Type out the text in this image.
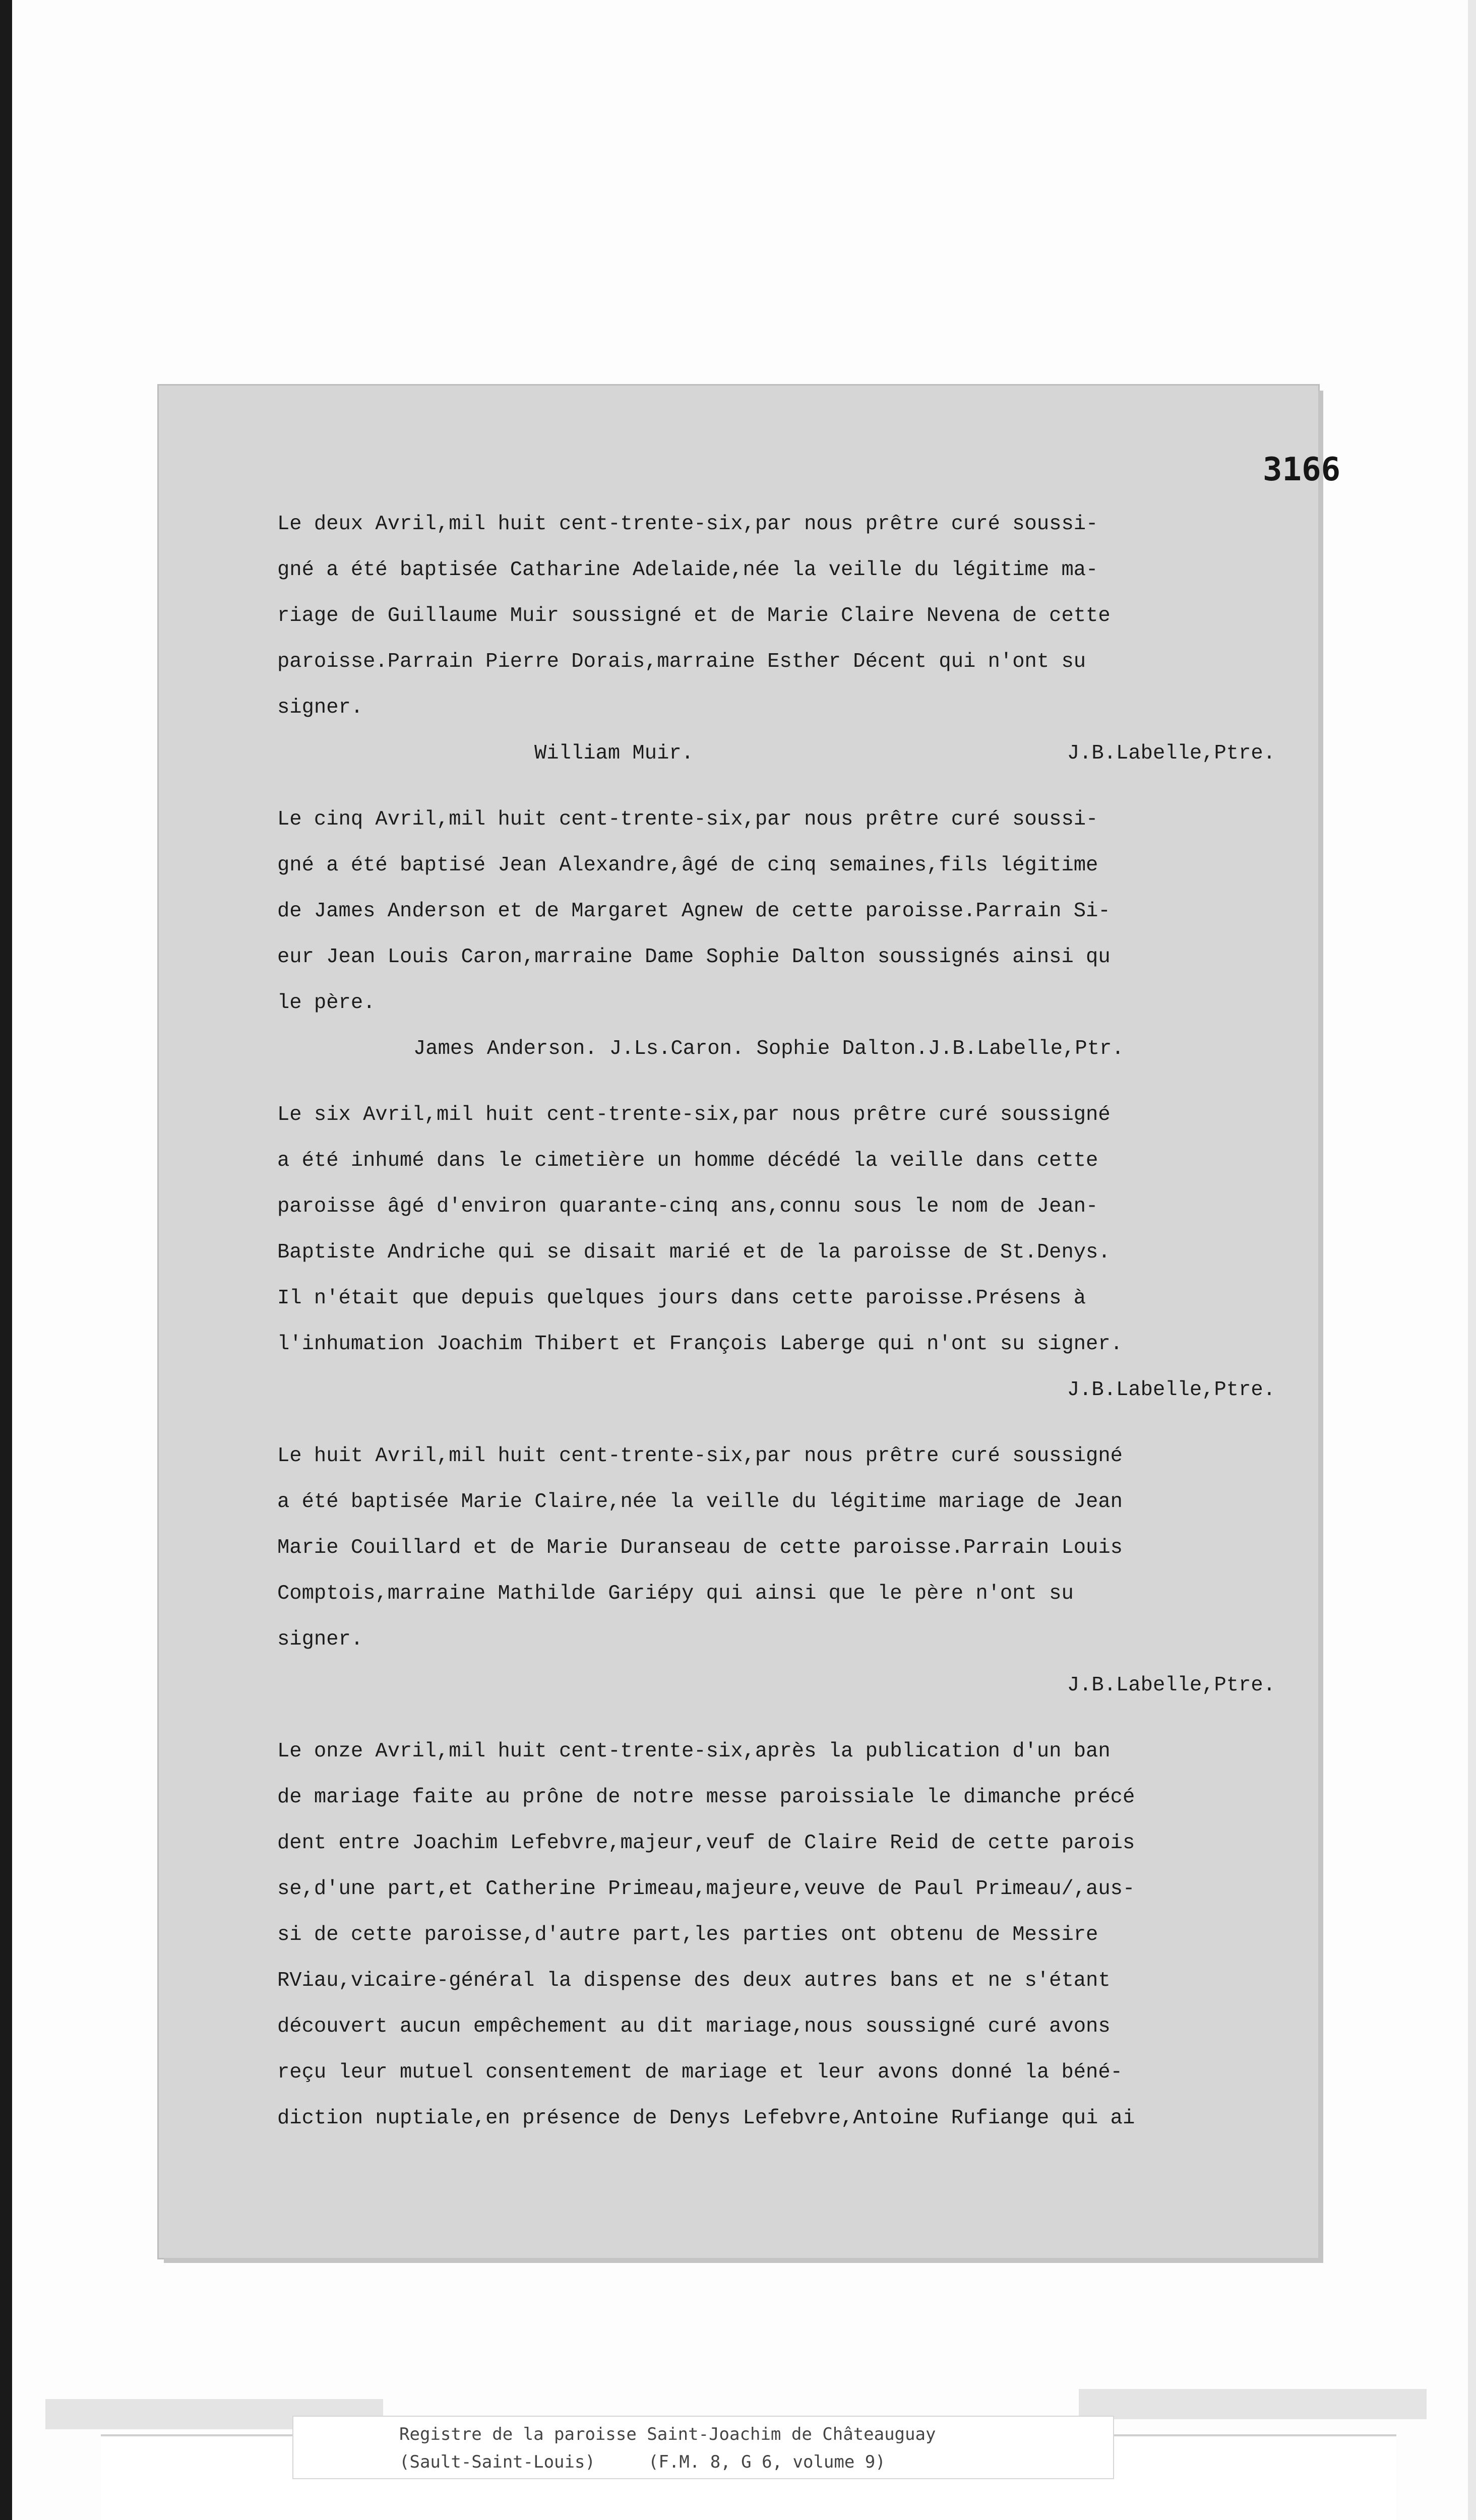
3166

Le deux Avril,mil huit cent-trente-six,par nous prêtre curé soussi-

gné a été baptisée Catharine Adelaide,née la veille du légitime ma-

riage de Guillaume Muir soussigné et de Marie Claire Nevena de cette

paroisse.Parrain Pierre Dorais,marraine Esther Décent qui n'ont su

signer.

William Muir.	J.B.Labelle,Ptre.

Le cinq Avril,mil huit cent-trente-six,par nous prêtre curé soussi-

gné a été baptisé Jean Alexandre,âgé de cinq semaines,fils légitime

de James Anderson et de Margaret Agnew de cette paroisse.Parrain Si-

eur Jean Louis Caron,marraine Dame Sophie Dalton soussignés ainsi qu

le père.

James Anderson. J.Ls.Caron. Sophie Dalton.J.B.Labelle,Ptr.

Le six Avril,mil huit cent-trente-six,par nous prêtre curé soussigné

a été inhumé dans le cimetière un homme décédé la veille dans cette

paroisse âgé d'environ quarante-cinq ans,connu sous le nom de Jean-

Baptiste Andriche qui se disait marié et de la paroisse de St.Denys.

Il n'était que depuis quelques jours dans cette paroisse.Présens à

l'inhumation Joachim Thibert et François Laberge qui n'ont su signer.

J.B.Labelle,Ptre.

Le huit Avril,mil huit cent-trente-six,par nous prêtre curé soussigné

a été baptisée Marie Claire,née la veille du légitime mariage de Jean

Marie Couillard et de Marie Duranseau de cette paroisse.Parrain Louis

Comptois,marraine Mathilde Gariépy qui ainsi que le père n'ont su

signer.

J.B.Labelle,Ptre.

Le onze Avril,mil huit cent-trente-six,après la publication d'un ban

de mariage faite au prône de notre messe paroissiale le dimanche précé

dent entre Joachim Lefebvre,majeur,veuf de Claire Reid de cette parois

se,d'une part,et Catherine Primeau,majeure,veuve de Paul Primeau/,aus-

si de cette paroisse,d'autre part,les parties ont obtenu de Messire

RViau,vicaire-général la dispense des deux autres bans et ne s'étant

découvert aucun empêchement au dit mariage,nous soussigné curé avons

reçu leur mutuel consentement de mariage et leur avons donné la béné-

diction nuptiale,en présence de Denys Lefebvre,Antoine Rufiange qui ai

Registre de la paroisse Saint-Joachim de Châteauguay
(Sault-Saint-Louis)	(F.M. 8, G 6, volume 9)
